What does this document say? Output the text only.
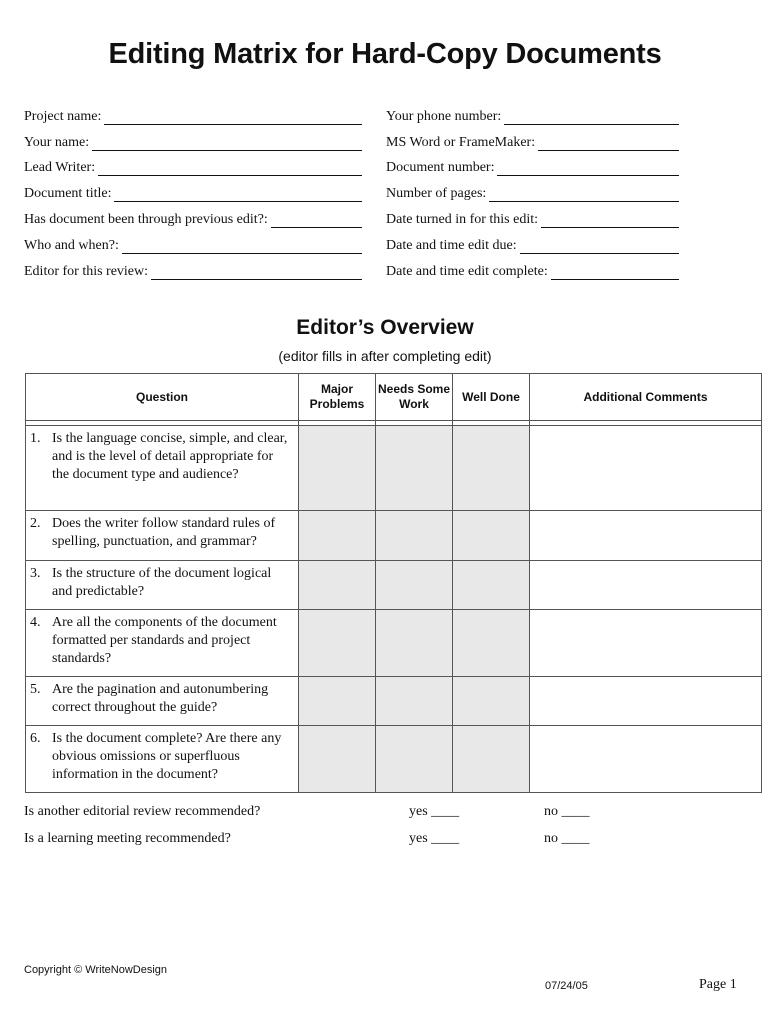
Editing Matrix for Hard-Copy Documents
Project name:
Your name:
Lead Writer:
Document title:
Has document been through previous edit?:
Who and when?:
Editor for this review:
Your phone number:
MS Word or FrameMaker:
Document number:
Number of pages:
Date turned in for this edit:
Date and time edit due:
Date and time edit complete:
Editor’s Overview
(editor fills in after completing edit)
Question	Major Problems	Needs Some Work	Well Done	Additional Comments

1. Is the language concise, simple, and clear, and is the level of detail appropriate for the document type and audience?				

2. Does the writer follow standard rules of spelling, punctuation, and grammar?				

3. Is the structure of the document logical and predictable?				

4. Are all the components of the document formatted per standards and project standards?				

5. Are the pagination and autonumbering correct throughout the guide?				

6. Is the document complete? Are there any obvious omissions or superfluous information in the document?				

Is another editorial review recommended?	yes ____	no ____
Is a learning meeting recommended?	yes ____	no ____
Copyright © WriteNowDesign
07/24/05	Page 1
